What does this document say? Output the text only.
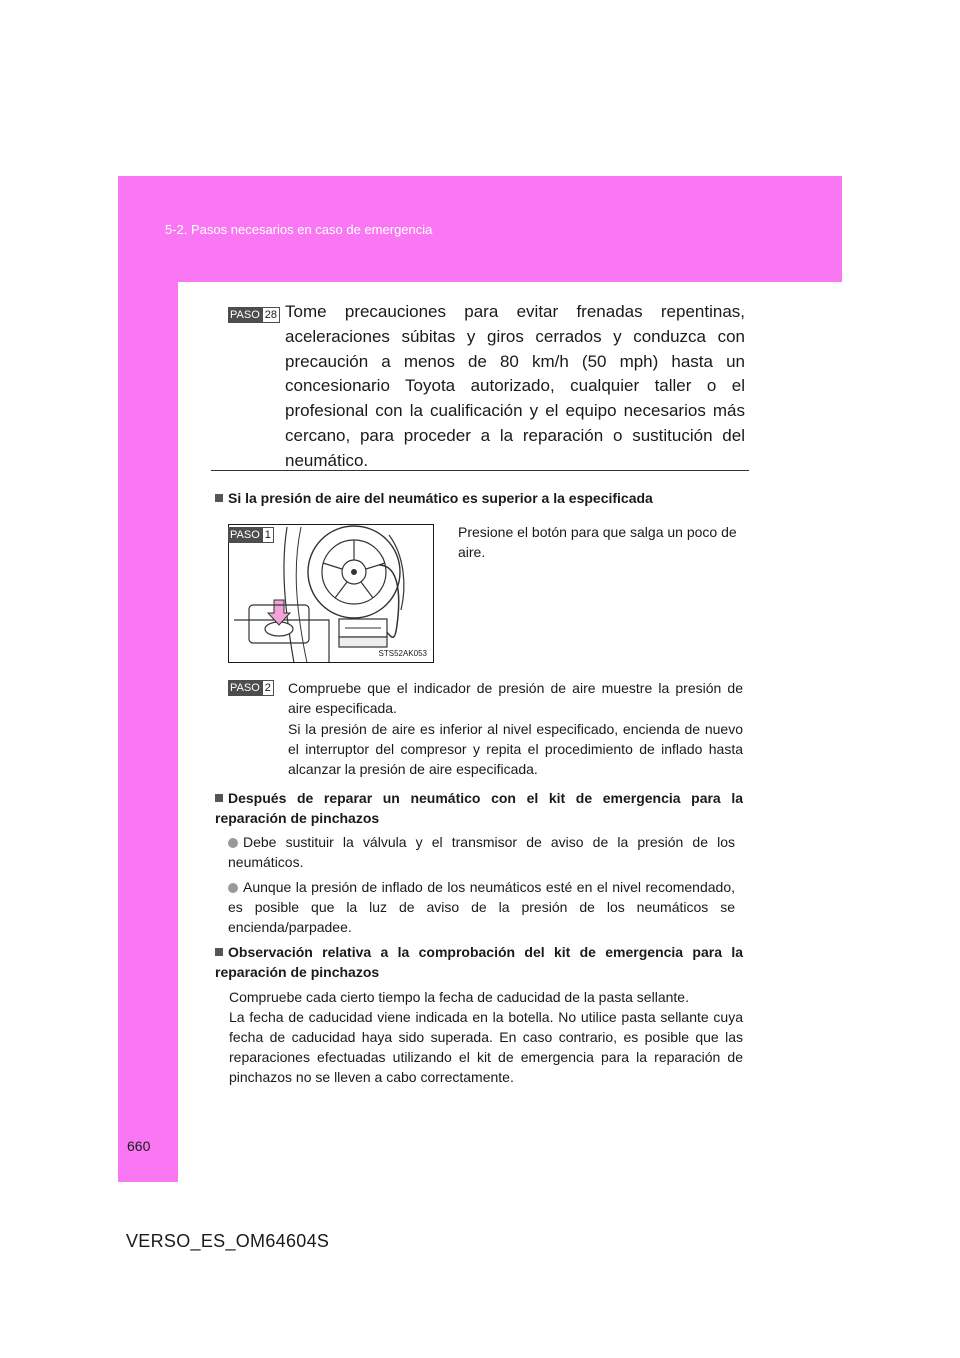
5-2. Pasos necesarios en caso de emergencia
PASO 28 Tome precauciones para evitar frenadas repentinas, aceleraciones súbitas y giros cerrados y conduzca con precaución a menos de 80 km/h (50 mph) hasta un concesionario Toyota autorizado, cualquier taller o el profesional con la cualificación y el equipo necesarios más cercano, para proceder a la reparación o sustitución del neumático.
Si la presión de aire del neumático es superior a la especificada
STS52AK053
PASO 1	Presione el botón para que salga un poco de aire.
PASO 2 Compruebe que el indicador de presión de aire muestre la presión de aire especificada.
Si la presión de aire es inferior al nivel especificado, encienda de nuevo el interruptor del compresor y repita el procedimiento de inflado hasta alcanzar la presión de aire especificada.
Después de reparar un neumático con el kit de emergencia para la reparación de pinchazos
Debe sustituir la válvula y el transmisor de aviso de la presión de los neumáticos.
Aunque la presión de inflado de los neumáticos esté en el nivel recomendado, es posible que la luz de aviso de la presión de los neumáticos se encienda/parpadee.
Observación relativa a la comprobación del kit de emergencia para la reparación de pinchazos
Compruebe cada cierto tiempo la fecha de caducidad de la pasta sellante.
La fecha de caducidad viene indicada en la botella. No utilice pasta sellante cuya fecha de caducidad haya sido superada. En caso contrario, es posible que las reparaciones efectuadas utilizando el kit de emergencia para la reparación de pinchazos no se lleven a cabo correctamente.
660
VERSO_ES_OM64604S
